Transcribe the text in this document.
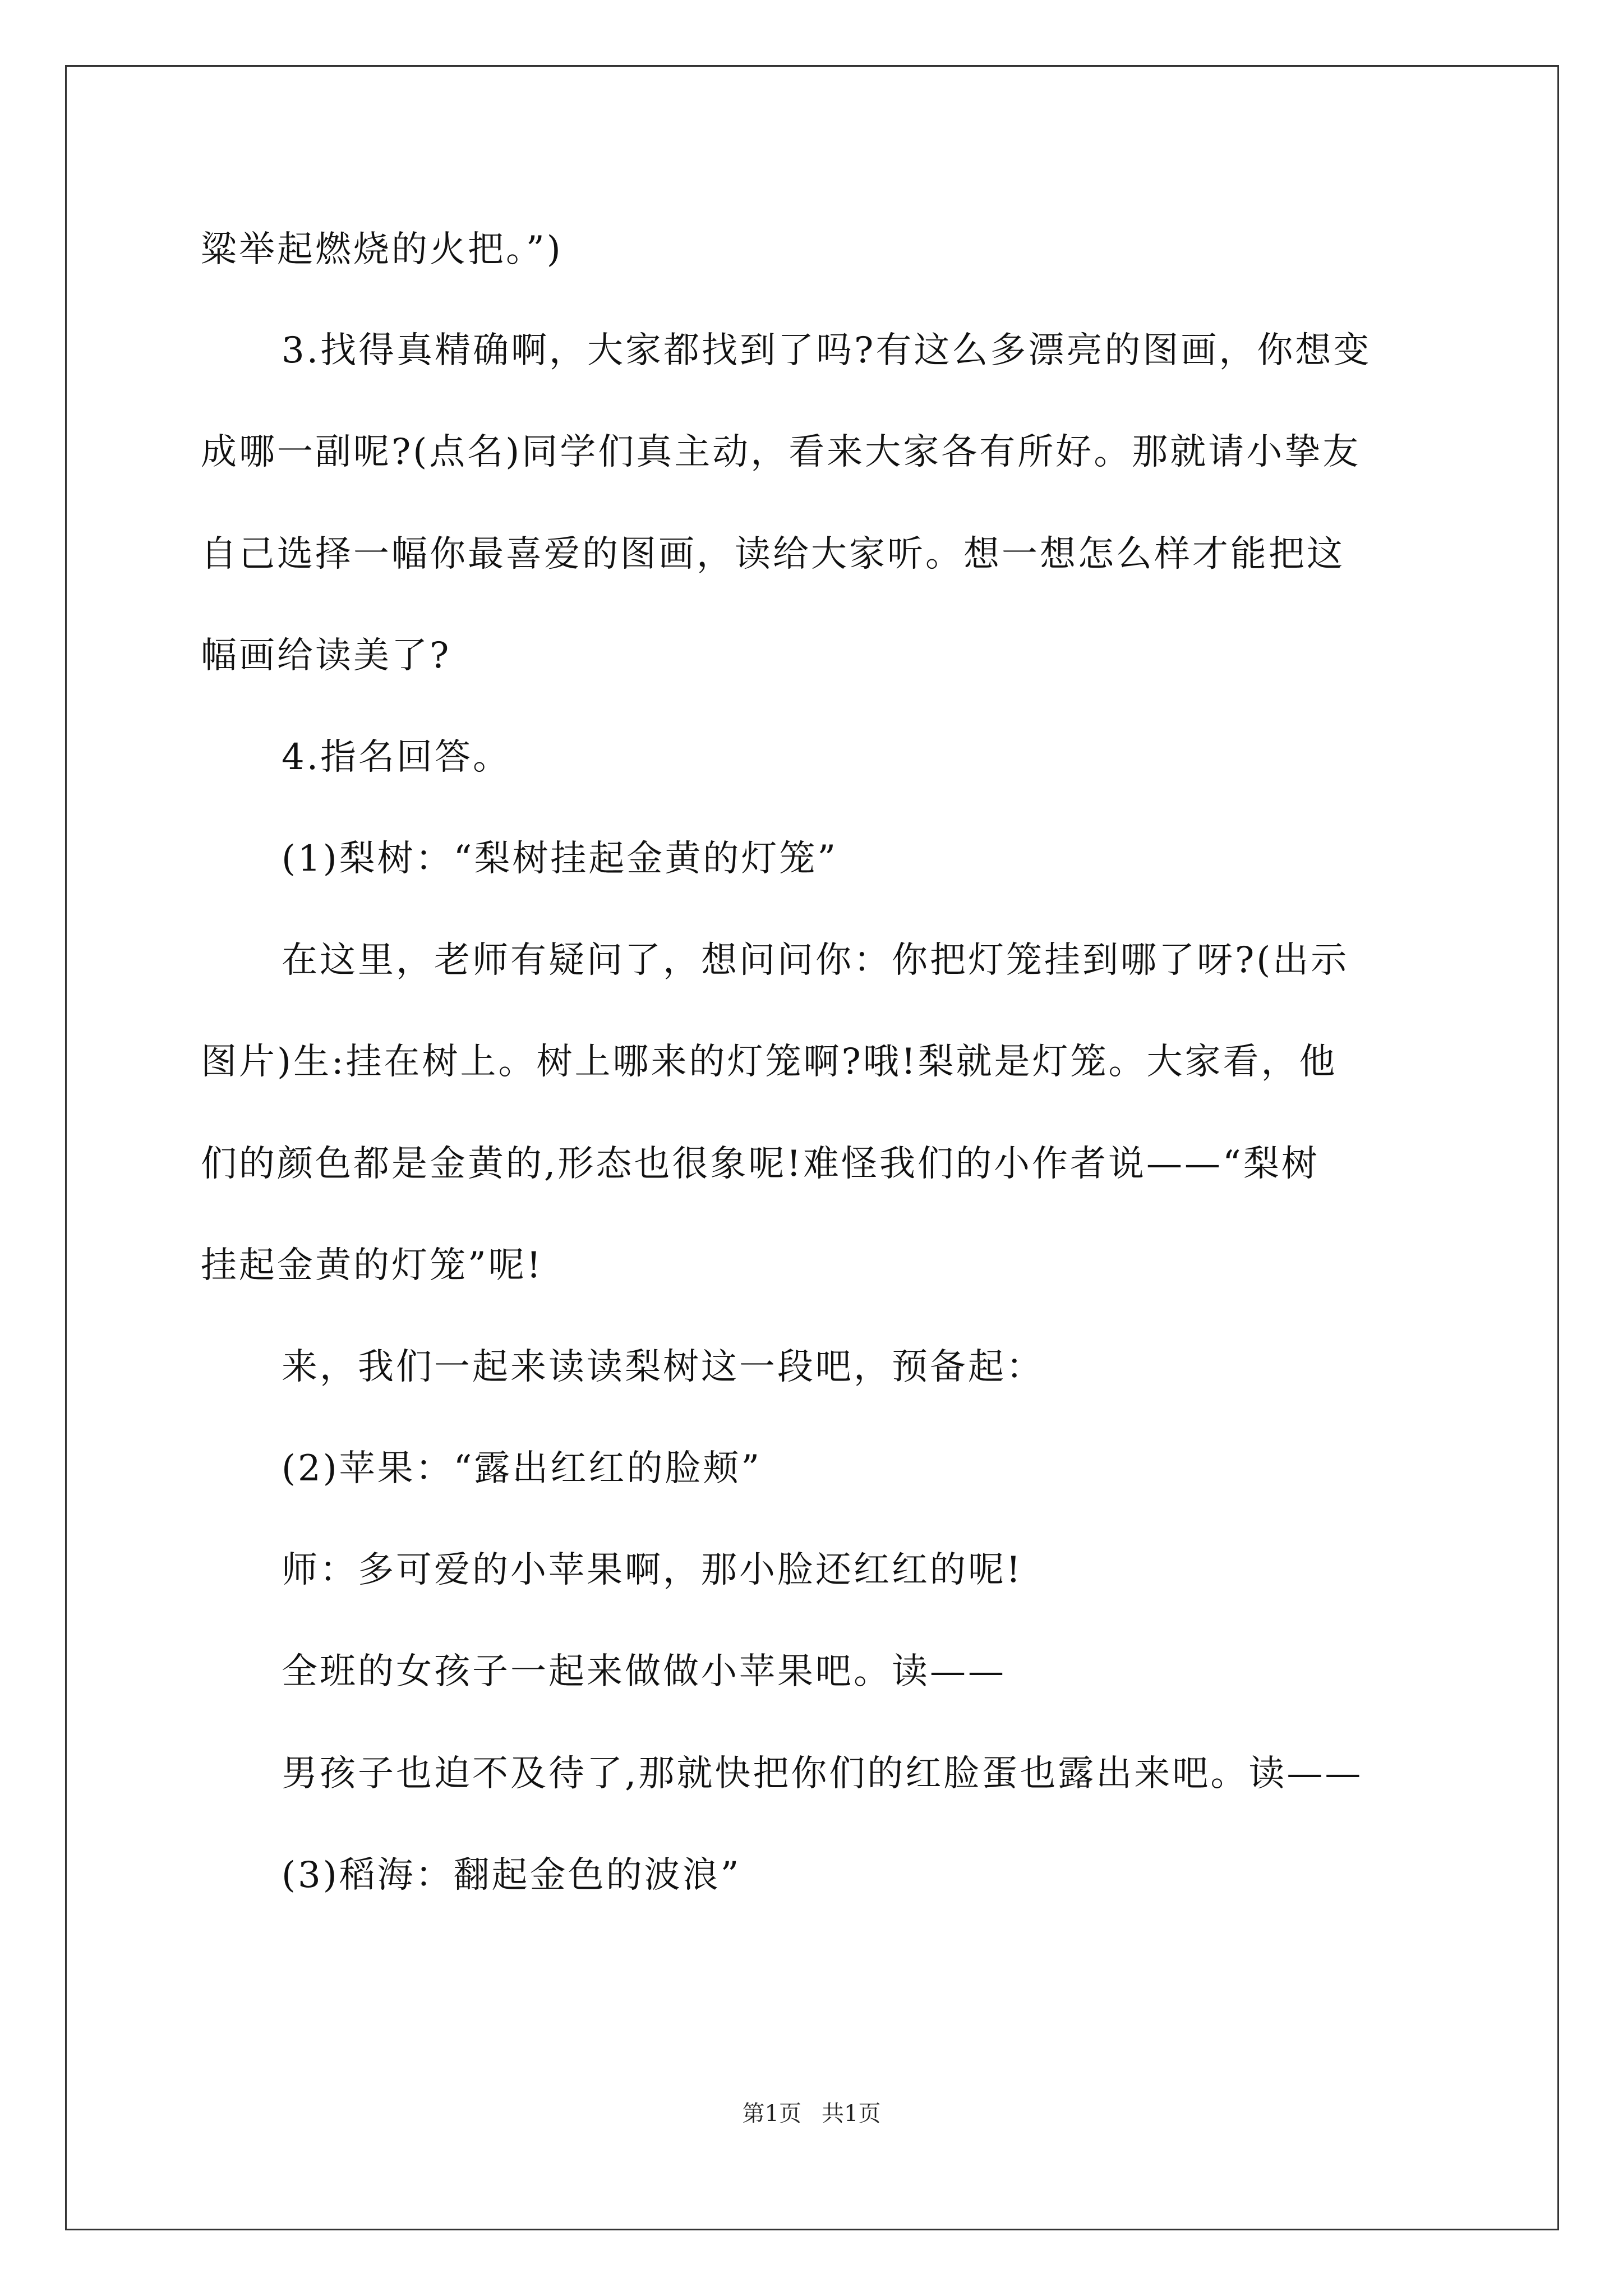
粱举起燃烧的火把。”)
3.找得真精确啊，大家都找到了吗?有这么多漂亮的图画，你想变
成哪一副呢?(点名)同学们真主动，看来大家各有所好。那就请小挚友
自己选择一幅你最喜爱的图画，读给大家听。想一想怎么样才能把这
幅画给读美了?
4.指名回答。
(1)梨树：“梨树挂起金黄的灯笼”
在这里，老师有疑问了，想问问你：你把灯笼挂到哪了呀?(出示
图片)生:挂在树上。树上哪来的灯笼啊?哦!梨就是灯笼。大家看，他
们的颜色都是金黄的,形态也很象呢!难怪我们的小作者说——“梨树
挂起金黄的灯笼”呢!
来，我们一起来读读梨树这一段吧，预备起：
(2)苹果：“露出红红的脸颊”
师：多可爱的小苹果啊，那小脸还红红的呢!
全班的女孩子一起来做做小苹果吧。读——
男孩子也迫不及待了,那就快把你们的红脸蛋也露出来吧。读——
(3)稻海：翻起金色的波浪”
第1页 共1页
